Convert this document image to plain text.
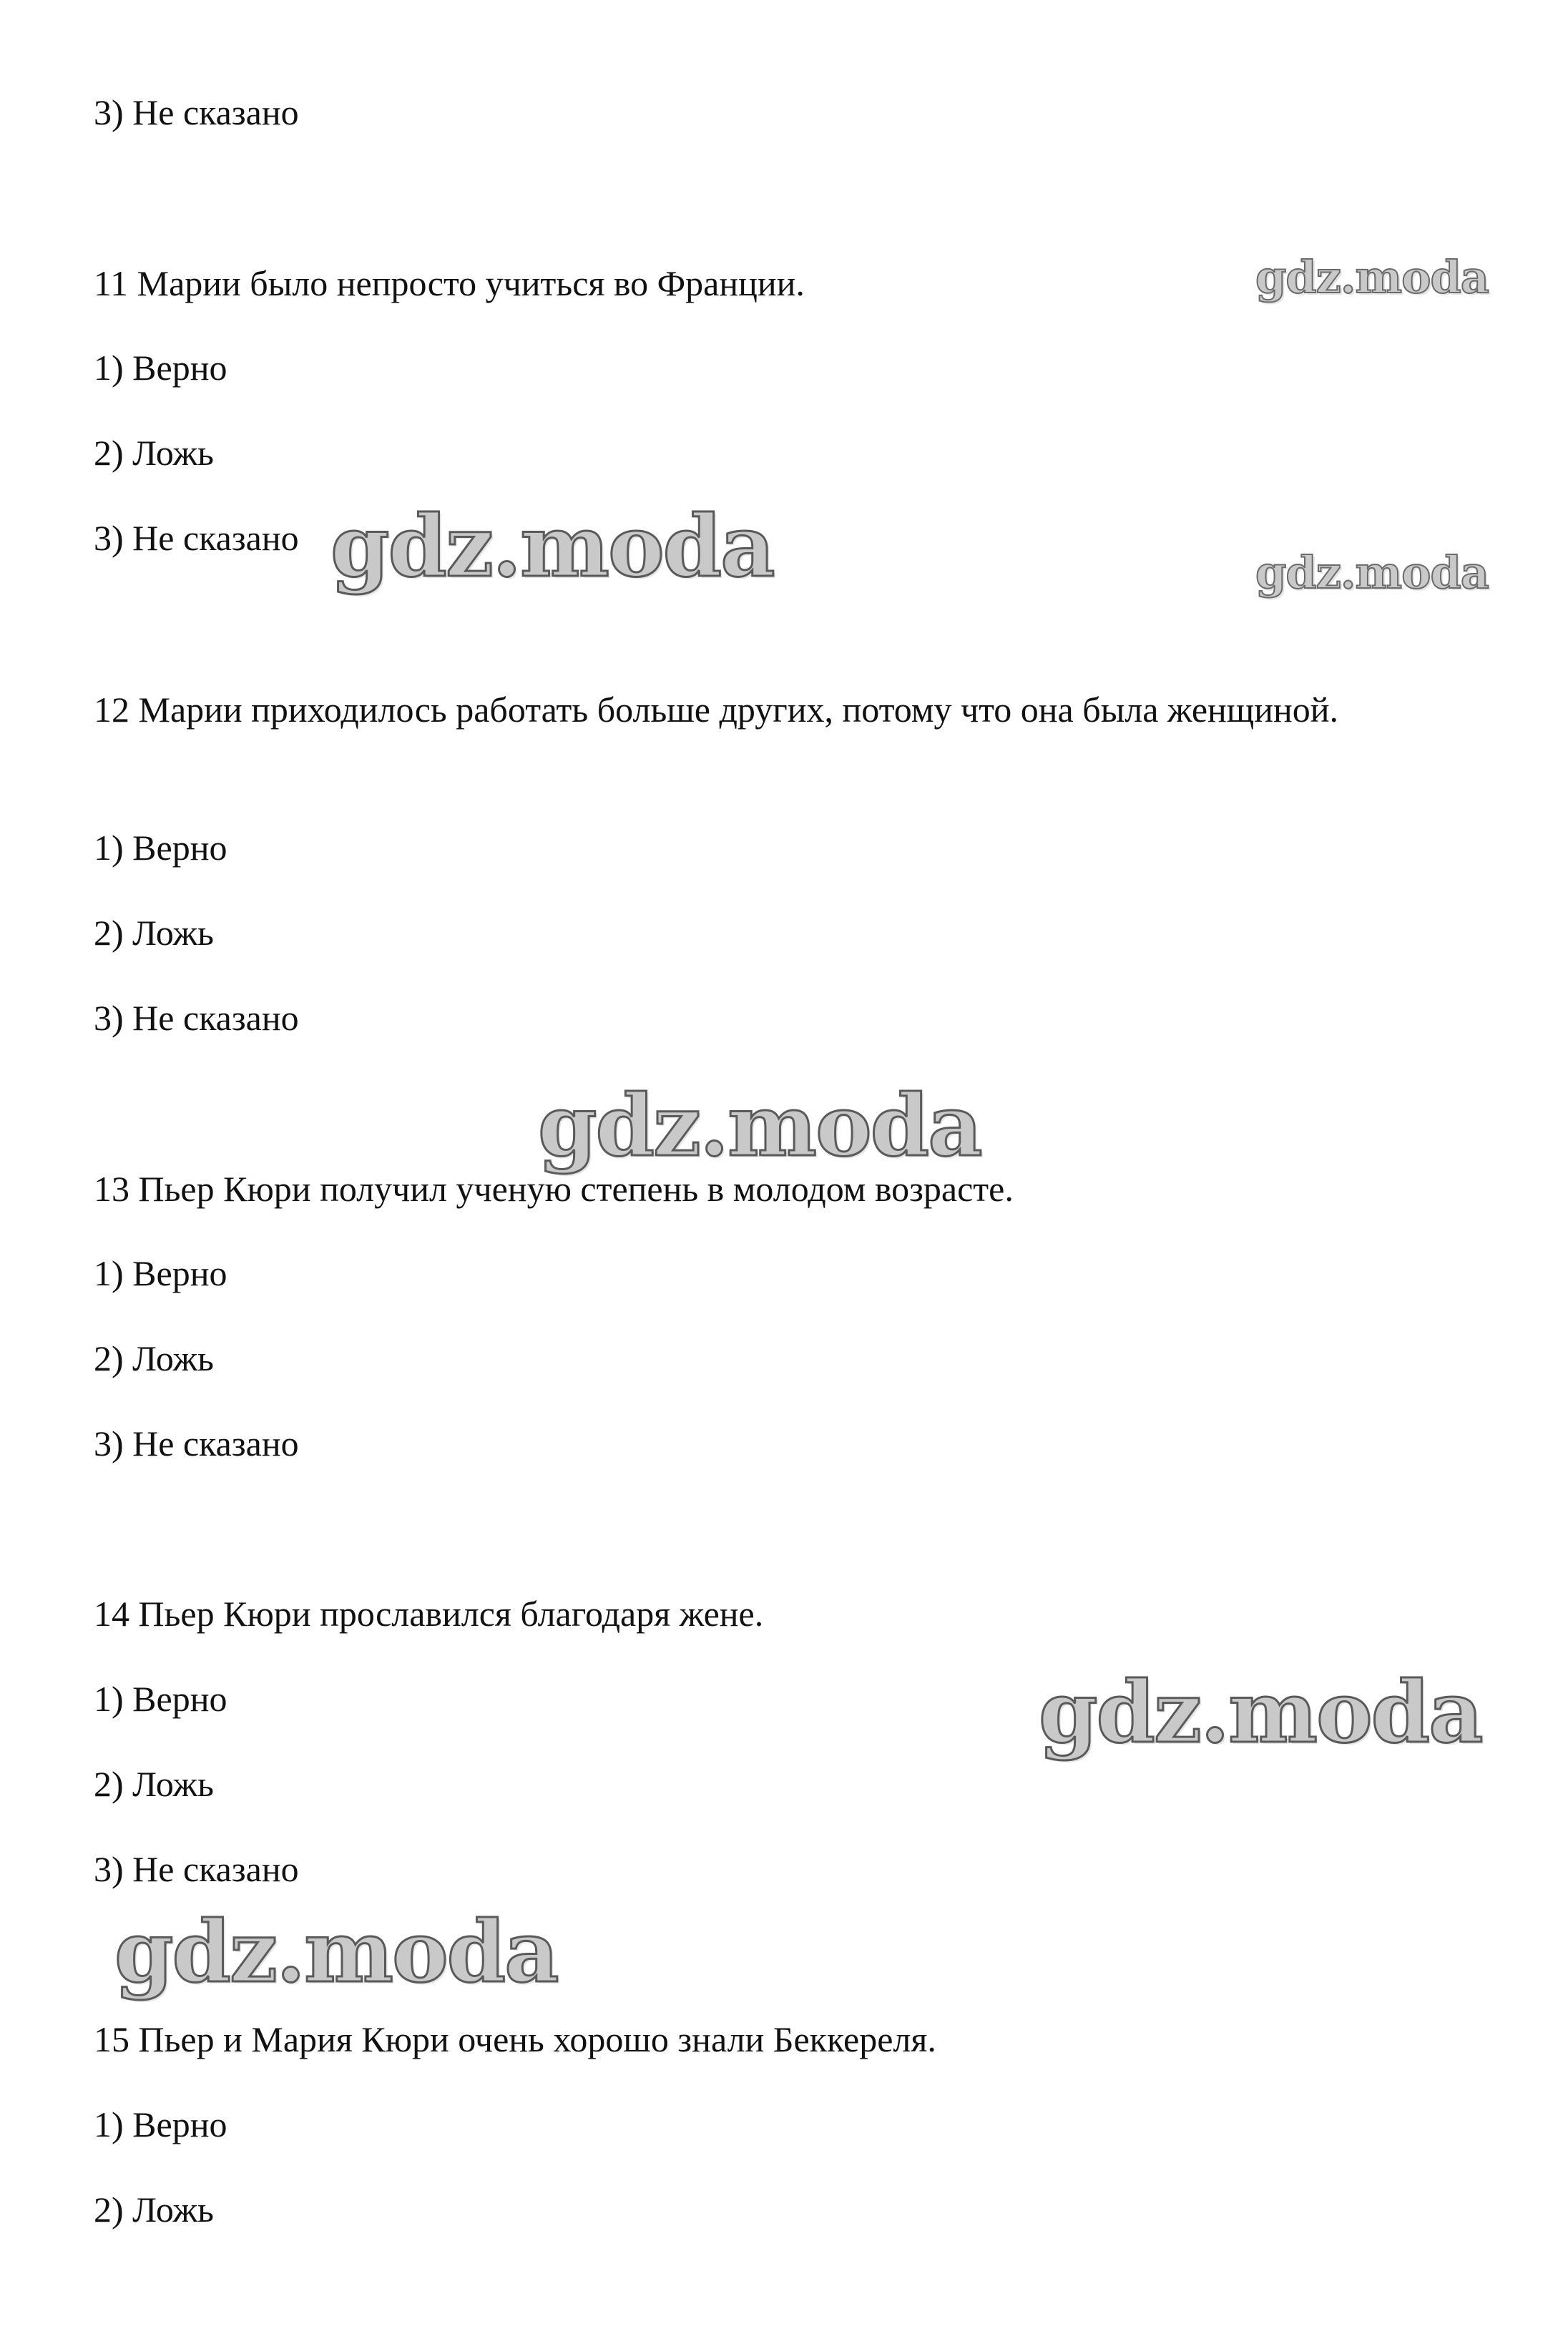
3) Не сказано
11 Марии было непросто учиться во Франции.
1) Верно
2) Ложь
3) Не сказано
12 Марии приходилось работать больше других, потому что она была женщиной.
1) Верно
2) Ложь
3) Не сказано
13 Пьер Кюри получил ученую степень в молодом возрасте.
1) Верно
2) Ложь
3) Не сказано
14 Пьер Кюри прославился благодаря жене.
1) Верно
2) Ложь
3) Не сказано
15 Пьер и Мария Кюри очень хорошо знали Беккереля.
1) Верно
2) Ложь
gdz.moda
gdz.moda
gdz.moda
gdz.moda
gdz.moda
gdz.moda
